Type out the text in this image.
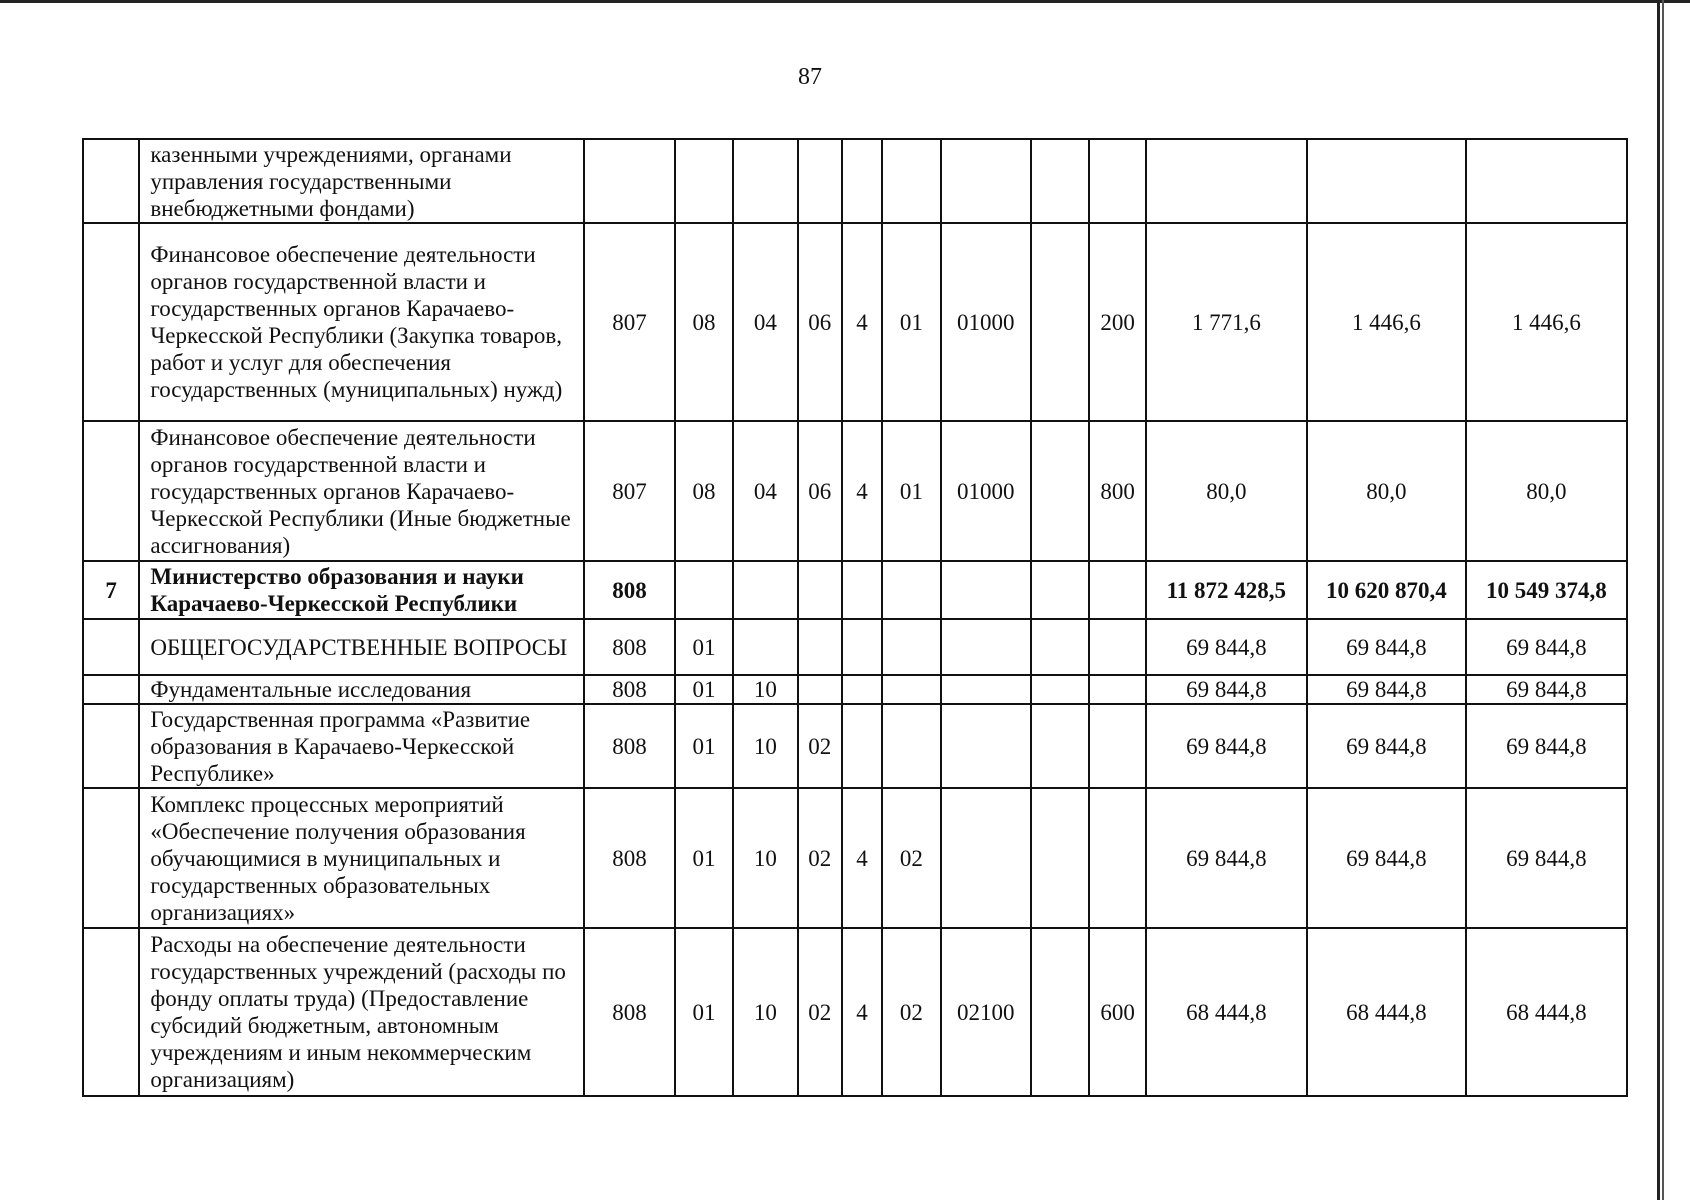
87
	казенными учреждениями, органами управления государственными внебюджетными фондами)												
	Финансовое обеспечение деятельности органов государственной власти и государственных органов Карачаево-Черкесской Республики (Закупка товаров, работ и услуг для обеспечения государственных (муниципальных) нужд)	807	08	04	06	4	01	01000		200	1 771,6	1 446,6	1 446,6
	Финансовое обеспечение деятельности органов государственной власти и государственных органов Карачаево-Черкесской Республики (Иные бюджетные ассигнования)	807	08	04	06	4	01	01000		800	80,0	80,0	80,0
7	Министерство образования и науки Карачаево-Черкесской Республики	808									11 872 428,5	10 620 870,4	10 549 374,8
	ОБЩЕГОСУДАРСТВЕННЫЕ ВОПРОСЫ	808	01								69 844,8	69 844,8	69 844,8
	Фундаментальные исследования	808	01	10							69 844,8	69 844,8	69 844,8
	Государственная программа «Развитие образования в Карачаево-Черкесской Республике»	808	01	10	02						69 844,8	69 844,8	69 844,8
	Комплекс процессных мероприятий «Обеспечение получения образования обучающимися в муниципальных и государственных образовательных организациях»	808	01	10	02	4	02				69 844,8	69 844,8	69 844,8
	Расходы на обеспечение деятельности государственных учреждений (расходы по фонду оплаты труда) (Предоставление субсидий бюджетным, автономным учреждениям и иным некоммерческим организациям)	808	01	10	02	4	02	02100		600	68 444,8	68 444,8	68 444,8
